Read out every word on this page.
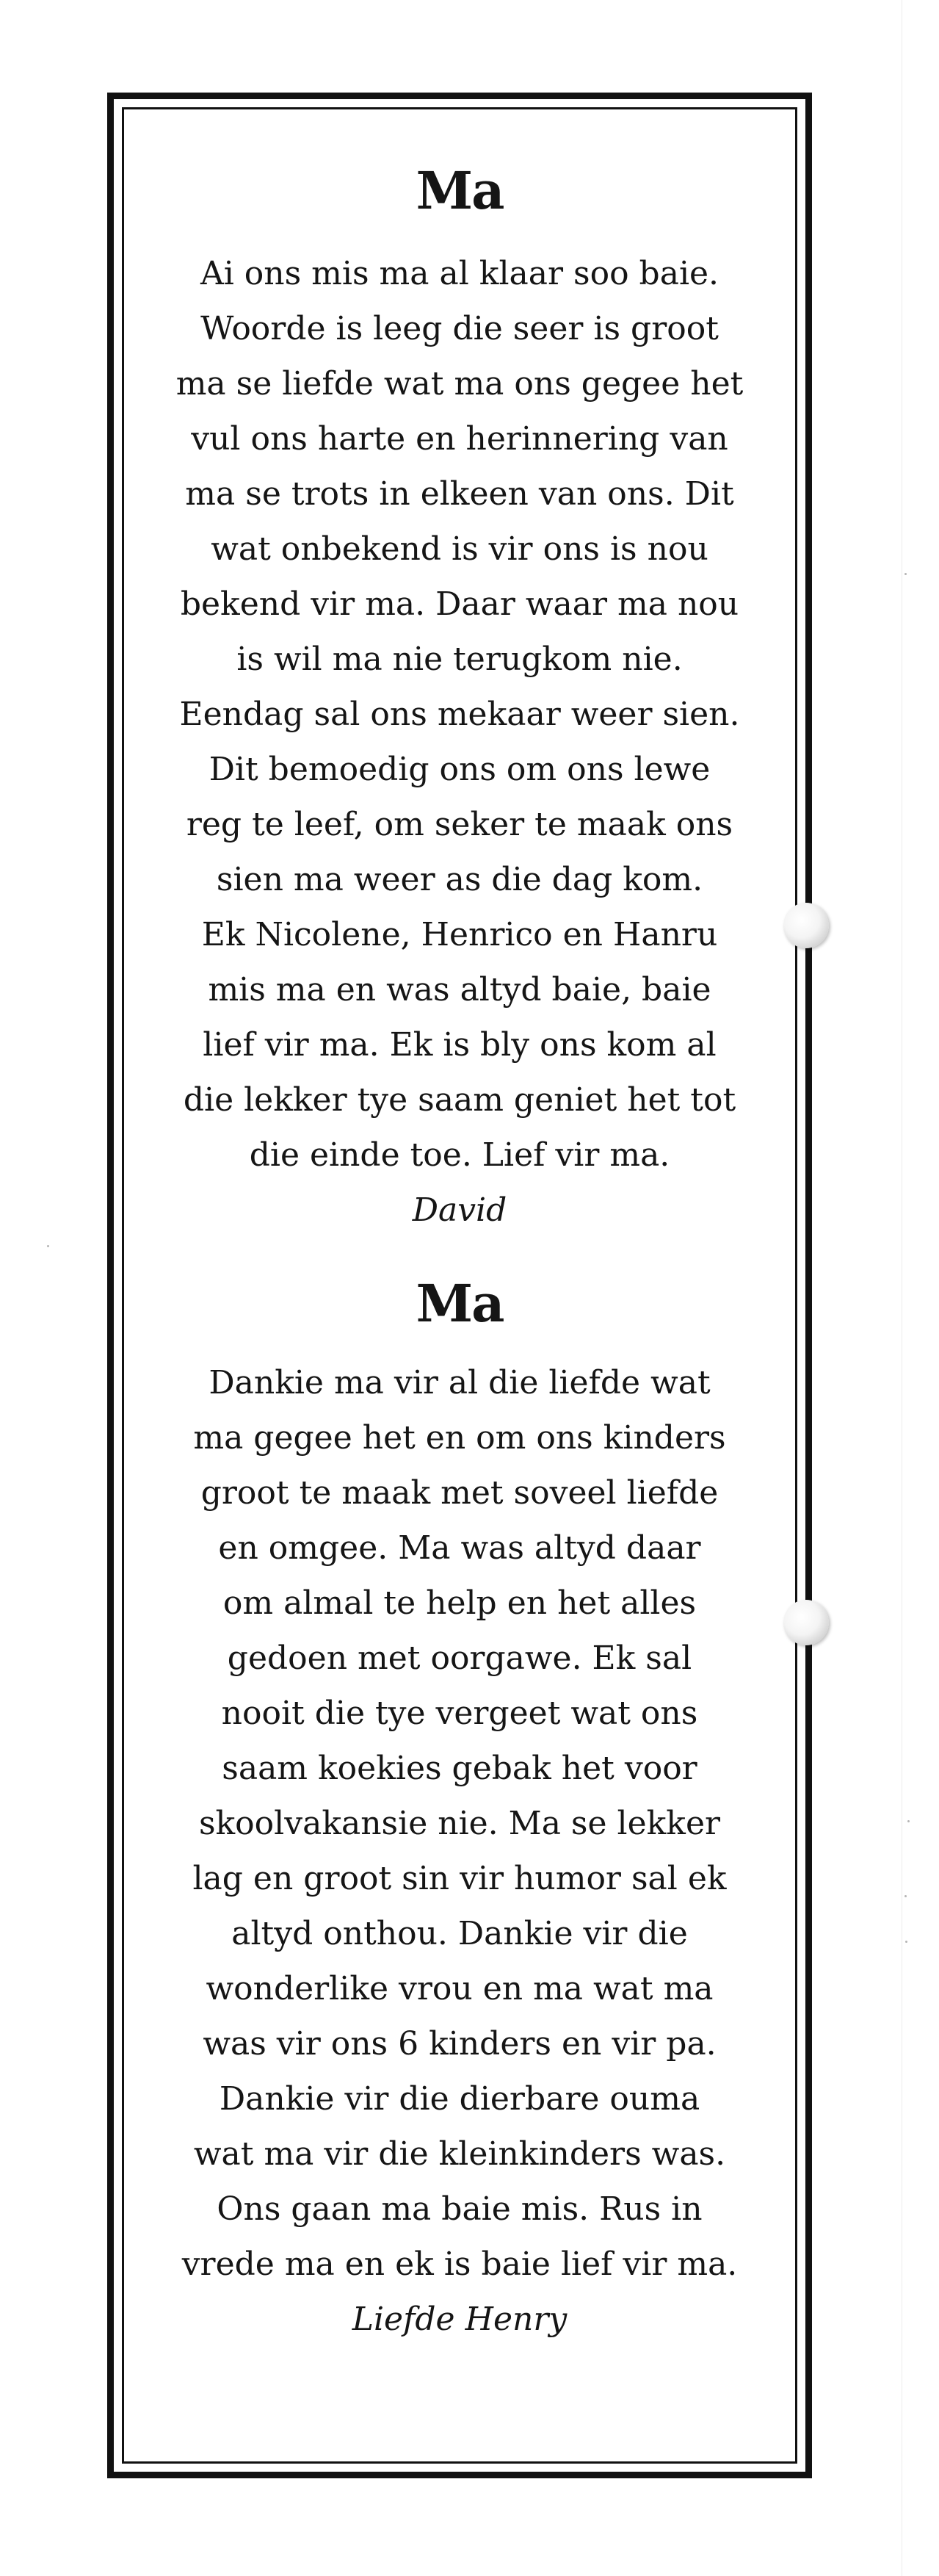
Ma

Ai ons mis ma al klaar soo baie.

Woorde is leeg die seer is groot

ma se liefde wat ma ons gegee het

vul ons harte en herinnering van

ma se trots in elkeen van ons. Dit

wat onbekend is vir ons is nou

bekend vir ma. Daar waar ma nou

is wil ma nie terugkom nie.

Eendag sal ons mekaar weer sien.

Dit bemoedig ons om ons lewe

reg te leef, om seker te maak ons

sien ma weer as die dag kom.

Ek Nicolene, Henrico en Hanru

mis ma en was altyd baie, baie

lief vir ma. Ek is bly ons kom al

die lekker tye saam geniet het tot

die einde toe. Lief vir ma.

David

Ma

Dankie ma vir al die liefde wat

ma gegee het en om ons kinders

groot te maak met soveel liefde

en omgee. Ma was altyd daar

om almal te help en het alles

gedoen met oorgawe. Ek sal

nooit die tye vergeet wat ons

saam koekies gebak het voor

skoolvakansie nie. Ma se lekker

lag en groot sin vir humor sal ek

altyd onthou. Dankie vir die

wonderlike vrou en ma wat ma

was vir ons 6 kinders en vir pa.

Dankie vir die dierbare ouma

wat ma vir die kleinkinders was.

Ons gaan ma baie mis. Rus in

vrede ma en ek is baie lief vir ma.

Liefde Henry
